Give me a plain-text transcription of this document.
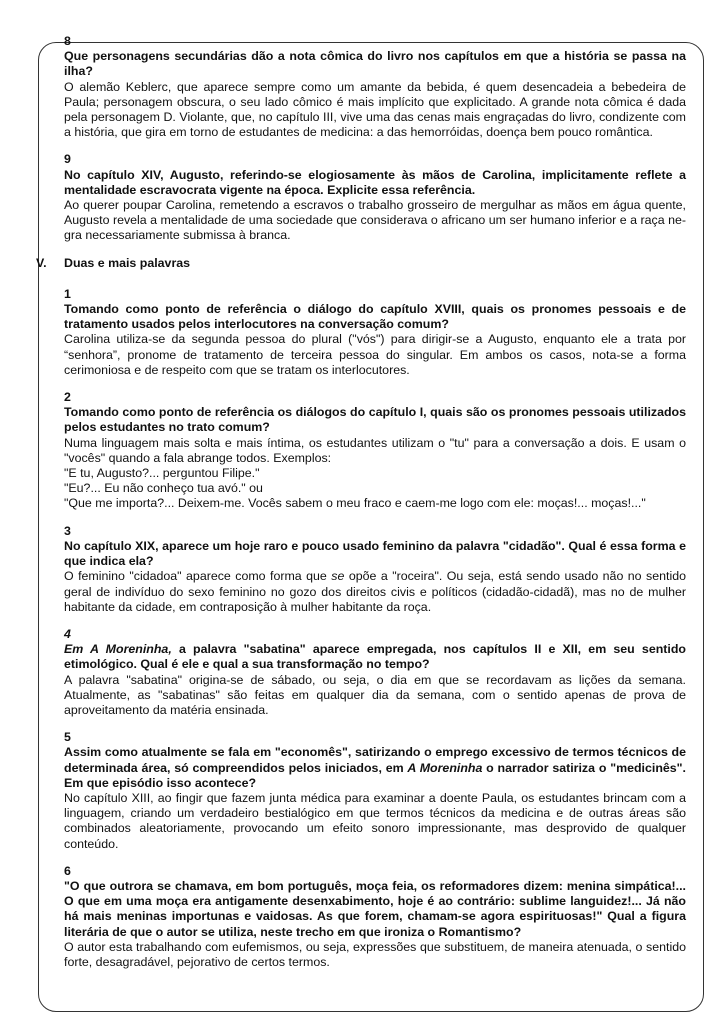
8
Que personagens secundárias dão a nota cômica do livro nos capítulos em que a história se passa na ilha?
O alemão Keblerc, que aparece sempre como um amante da bebida, é quem desencadeia a bebedeira de Paula; personagem obscura, o seu lado cômico é mais implícito que explicitado. A grande nota cômica é dada pela personagem D. Violante, que, no capítulo III, vive uma das cenas mais engraçadas do livro, condizente com a história, que gira em torno de estudantes de medicina: a das hemorróidas, doença bem pouco romântica.
9
No capítulo XIV, Augusto, referindo-se elogiosamente às mãos de Carolina, implicitamente reflete a mentalidade escravocrata vigente na época. Explicite essa referência.
Ao querer poupar Carolina, remetendo a escravos o trabalho grosseiro de mergulhar as mãos em água quente, Augusto revela a mentalidade de uma sociedade que considerava o africano um ser humano inferior e a raça ne-gra necessariamente submissa à branca.
V. Duas e mais palavras
1
Tomando como ponto de referência o diálogo do capítulo XVIII, quais os pronomes pessoais e de tratamento usados pelos interlocutores na conversação comum?
Carolina utiliza-se da segunda pessoa do plural ("vós") para dirigir-se a Augusto, enquanto ele a trata por “senhora”, pronome de tratamento de terceira pessoa do singular. Em ambos os casos, nota-se a forma cerimoniosa e de respeito com que se tratam os interlocutores.
2
Tomando como ponto de referência os diálogos do capítulo I, quais são os pronomes pessoais utilizados pelos estudantes no trato comum?

Numa linguagem mais solta e mais íntima, os estudantes utilizam o "tu" para a conversação a dois. E usam o "vocês" quando a fala abrange todos. Exemplos:

"E tu, Augusto?... perguntou Filipe."

"Eu?... Eu não conheço tua avó." ou

"Que me importa?... Deixem-me. Vocês sabem o meu fraco e caem-me logo com ele: moças!... moças!..."

3
No capítulo XIX, aparece um hoje raro e pouco usado feminino da palavra "cidadão". Qual é essa forma e que indica ela?
O feminino "cidadoa" aparece como forma que se opõe a "roceira". Ou seja, está sendo usado não no sentido geral de indivíduo do sexo feminino no gozo dos direitos civis e políticos (cidadão-cidadã), mas no de mulher habitante da cidade, em contraposição à mulher habitante da roça.
4
Em A Moreninha, a palavra "sabatina" aparece empregada, nos capítulos II e XII, em seu sentido etimológico. Qual é ele e qual a sua transformação no tempo?
A palavra "sabatina" origina-se de sábado, ou seja, o dia em que se recordavam as lições da semana. Atualmente, as "sabatinas" são feitas em qualquer dia da semana, com o sentido apenas de prova de aproveitamento da matéria ensinada.
5
Assim como atualmente se fala em "economês", satirizando o emprego excessivo de termos técnicos de determinada área, só compreendidos pelos iniciados, em A Moreninha o narrador satiriza o "medicinês". Em que episódio isso acontece?
No capítulo XIII, ao fingir que fazem junta médica para examinar a doente Paula, os estudantes brincam com a linguagem, criando um verdadeiro bestialógico em que termos técnicos da medicina e de outras áreas são combinados aleatoriamente, provocando um efeito sonoro impressionante, mas desprovido de qualquer conteúdo.
6
"O que outrora se chamava, em bom português, moça feia, os reformadores dizem: menina simpática!... O que em uma moça era antigamente desenxabimento, hoje é ao contrário: sublime languidez!... Já não há mais meninas importunas e vaidosas. As que forem, chamam-se agora espirituosas!" Qual a figura literária de que o autor se utiliza, neste trecho em que ironiza o Romantismo?
O autor esta trabalhando com eufemismos, ou seja, expressões que substituem, de maneira atenuada, o sentido forte, desagradável, pejorativo de certos termos.
